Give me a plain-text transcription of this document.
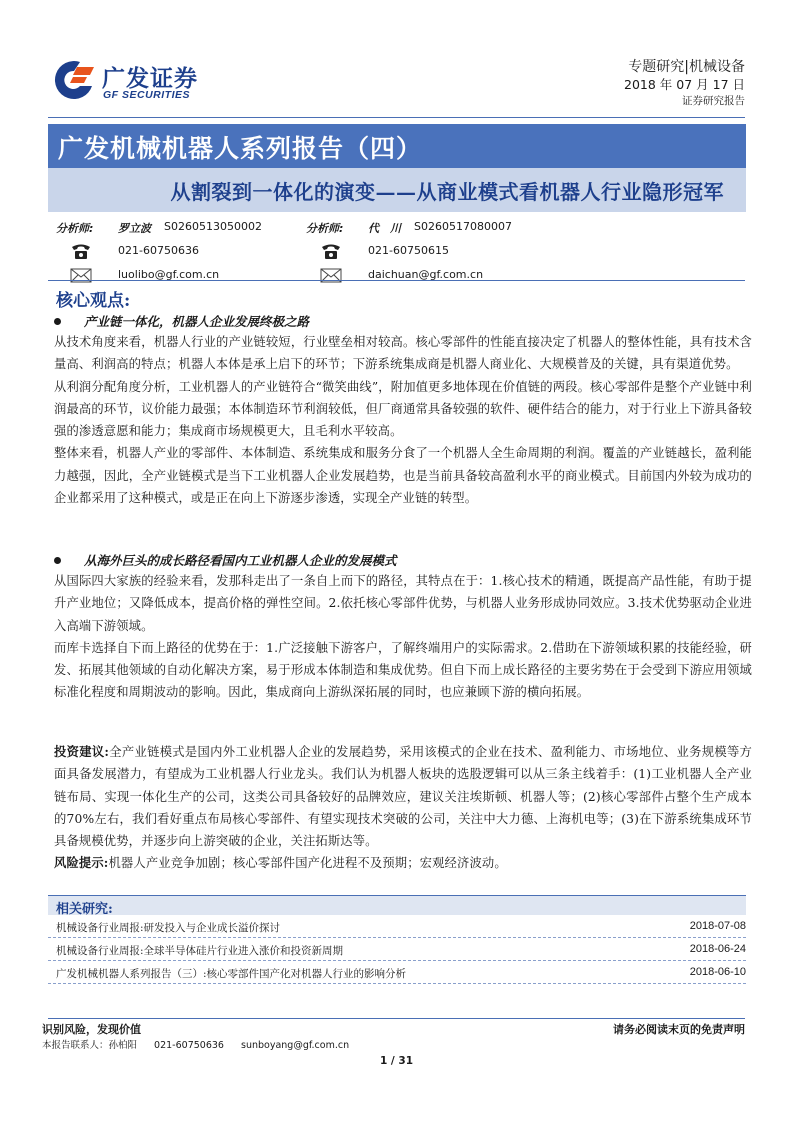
广发证券
GF SECURITIES
专题研究|机械设备
2018 年 07 月 17 日
证券研究报告
广发机械机器人系列报告（四）
从割裂到一体化的演变——从商业模式看机器人行业隐形冠军
分析师: 罗立波 S0260513050002
021-60750636
luolibo@gf.com.cn
分析师: 代　川 S0260517080007
021-60750615
daichuan@gf.com.cn
核心观点:
产业链一体化，机器人企业发展终极之路

从技术角度来看，机器人行业的产业链较短，行业壁垒相对较高。核心零部件的性能直接决定了机器人的整体性能，具有技术含量高、利润高的特点；机器人本体是承上启下的环节；下游系统集成商是机器人商业化、大规模普及的关键，具有渠道优势。

从利润分配角度分析，工业机器人的产业链符合“微笑曲线”，附加值更多地体现在价值链的两段。核心零部件是整个产业链中利润最高的环节，议价能力最强；本体制造环节利润较低，但厂商通常具备较强的软件、硬件结合的能力，对于行业上下游具备较强的渗透意愿和能力；集成商市场规模更大，且毛利水平较高。

整体来看，机器人产业的零部件、本体制造、系统集成和服务分食了一个机器人全生命周期的利润。覆盖的产业链越长，盈利能力越强，因此，全产业链模式是当下工业机器人企业发展趋势，也是当前具备较高盈利水平的商业模式。目前国内外较为成功的企业都采用了这种模式，或是正在向上下游逐步渗透，实现全产业链的转型。

从海外巨头的成长路径看国内工业机器人企业的发展模式

从国际四大家族的经验来看，发那科走出了一条自上而下的路径，其特点在于：1.核心技术的精通，既提高产品性能，有助于提升产业地位；又降低成本，提高价格的弹性空间。2.依托核心零部件优势，与机器人业务形成协同效应。3.技术优势驱动企业进入高端下游领域。

而库卡选择自下而上路径的优势在于：1.广泛接触下游客户，了解终端用户的实际需求。2.借助在下游领域积累的技能经验，研发、拓展其他领域的自动化解决方案，易于形成本体制造和集成优势。但自下而上成长路径的主要劣势在于会受到下游应用领域标准化程度和周期波动的影响。因此，集成商向上游纵深拓展的同时，也应兼顾下游的横向拓展。

投资建议:全产业链模式是国内外工业机器人企业的发展趋势，采用该模式的企业在技术、盈利能力、市场地位、业务规模等方面具备发展潜力，有望成为工业机器人行业龙头。我们认为机器人板块的选股逻辑可以从三条主线着手：(1)工业机器人全产业链布局、实现一体化生产的公司，这类公司具备较好的品牌效应，建议关注埃斯顿、机器人等；(2)核心零部件占整个生产成本的70%左右，我们看好重点布局核心零部件、有望实现技术突破的公司，关注中大力德、上海机电等；(3)在下游系统集成环节具备规模优势，并逐步向上游突破的企业，关注拓斯达等。

风险提示:机器人产业竞争加剧；核心零部件国产化进程不及预期；宏观经济波动。

相关研究:
机械设备行业周报:研发投入与企业成长溢价探讨	2018-07-08
机械设备行业周报:全球半导体硅片行业进入涨价和投资新周期	2018-06-24
广发机械机器人系列报告（三）:核心零部件国产化对机器人行业的影响分析	2018-06-10
识别风险，发现价值	请务必阅读末页的免责声明
本报告联系人：孙柏阳 021-60750636 sunboyang@gf.com.cn
1 / 31
